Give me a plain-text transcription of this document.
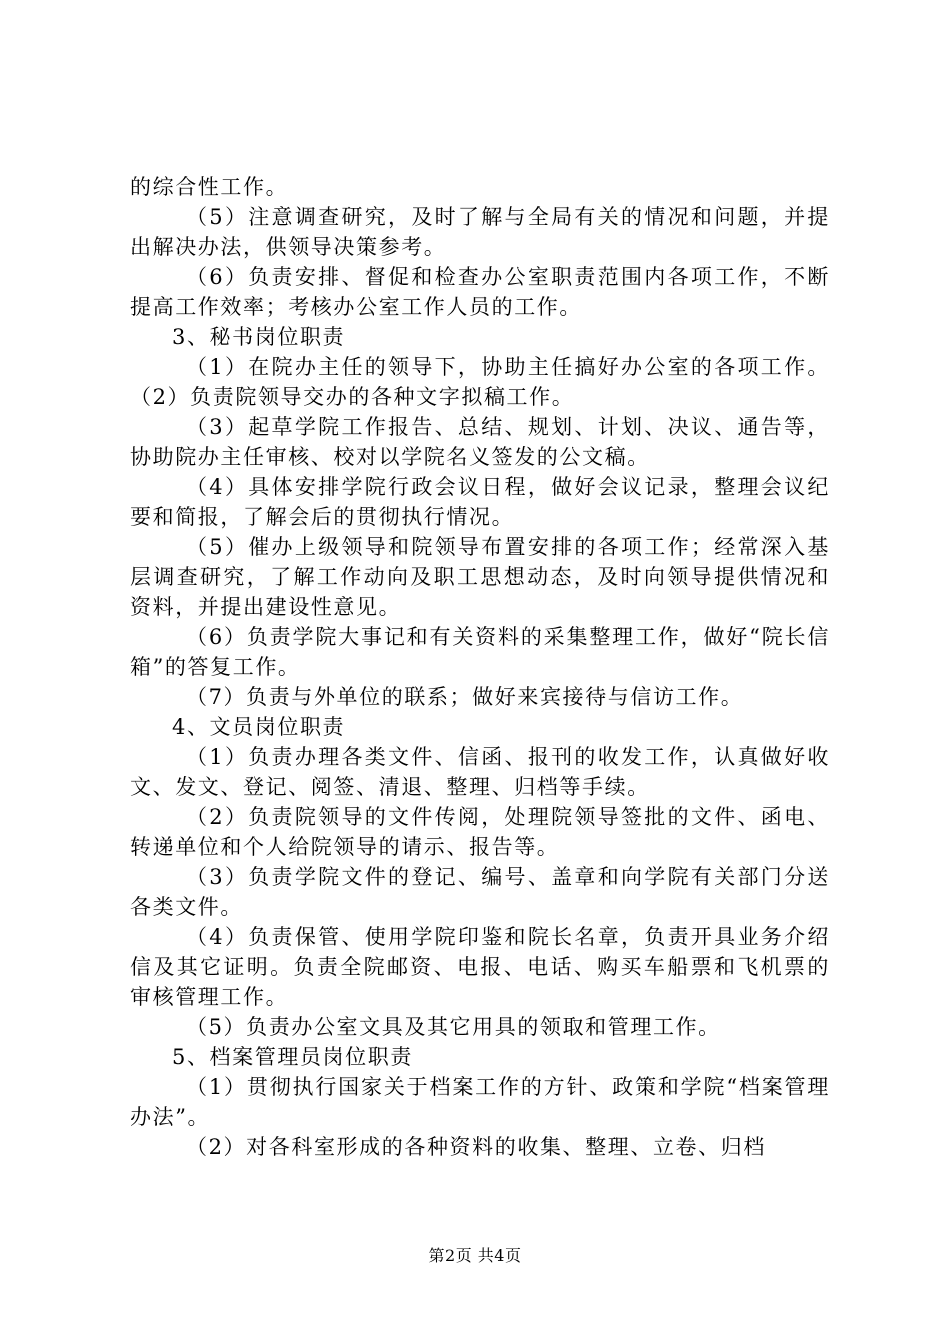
的综合性工作。

（5）注意调查研究，及时了解与全局有关的情况和问题，并提出解决办法，供领导决策参考。

（6）负责安排、督促和检查办公室职责范围内各项工作，不断提高工作效率；考核办公室工作人员的工作。

3、秘书岗位职责

（1）在院办主任的领导下，协助主任搞好办公室的各项工作。（2）负责院领导交办的各种文字拟稿工作。

（3）起草学院工作报告、总结、规划、计划、决议、通告等，协助院办主任审核、校对以学院名义签发的公文稿。

（4）具体安排学院行政会议日程，做好会议记录，整理会议纪要和简报，了解会后的贯彻执行情况。

（5）催办上级领导和院领导布置安排的各项工作；经常深入基层调查研究，了解工作动向及职工思想动态，及时向领导提供情况和资料，并提出建设性意见。

（6）负责学院大事记和有关资料的采集整理工作，做好“院长信箱”的答复工作。

（7）负责与外单位的联系；做好来宾接待与信访工作。

4、文员岗位职责

（1）负责办理各类文件、信函、报刊的收发工作，认真做好收文、发文、登记、阅签、清退、整理、归档等手续。

（2）负责院领导的文件传阅，处理院领导签批的文件、函电、转递单位和个人给院领导的请示、报告等。

（3）负责学院文件的登记、编号、盖章和向学院有关部门分送各类文件。

（4）负责保管、使用学院印鉴和院长名章，负责开具业务介绍信及其它证明。负责全院邮资、电报、电话、购买车船票和飞机票的审核管理工作。

（5）负责办公室文具及其它用具的领取和管理工作。

5、档案管理员岗位职责

（1）贯彻执行国家关于档案工作的方针、政策和学院“档案管理办法”。

（2）对各科室形成的各种资料的收集、整理、立卷、归档

第2页 共4页
